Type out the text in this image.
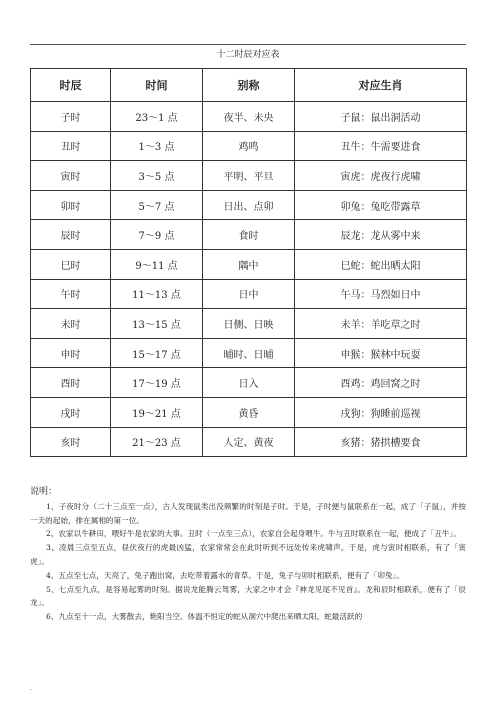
十二时辰对应表
时辰	时间	别称	对应生肖
子时	23～1 点	夜半、未央	子鼠：鼠出洞活动
丑时	1～3 点	鸡鸣	丑牛：牛需要进食
寅时	3～5 点	平明、平旦	寅虎：虎夜行虎啸
卯时	5～7 点	日出、点卯	卯兔：兔吃带露草
辰时	7～9 点	食时	辰龙：龙从雾中来
巳时	9～11 点	隅中	巳蛇：蛇出晒太阳
午时	11～13 点	日中	午马：马烈如日中
未时	13～15 点	日侧、日映	未羊：羊吃草之时
申时	15～17 点	晡时、日晡	申猴：猴林中玩耍
酉时	17～19 点	日入	酉鸡：鸡回窝之时
戌时	19～21 点	黄昏	戌狗：狗睡前巡视
亥时	21～23 点	人定、黄夜	亥猪：猪拱槽要食
说明：

1、子夜时分（二十三点至一点），古人发现鼠类出没频繁的时刻是子时。于是，子时便与鼠联系在一起，成了「子鼠」，并按一天的起始，排在属相的第一位。

2、农家以牛耕田，喂好牛是农家的大事。丑时（一点至三点），农家自会起身喂牛。牛与丑时联系在一起，便成了「丑牛」。

3、凌晨三点至五点，昼伏夜行的虎最凶猛，农家常常会在此时听到不远处传来虎啸声。于是，虎与寅时相联系，有了「寅虎」。

4、五点至七点，天亮了，兔子跑出窝，去吃带着露水的青草。于是，兔子与卯时相联系，便有了「卯兔」。

5、七点至九点，是容易起雾的时刻。据说龙能腾云驾雾，大家之中才会『神龙见尾不见首』。龙和辰时相联系，便有了「辰龙」。

6、九点至十一点，大雾散去，艳阳当空。体温不恒定的蛇从洞穴中爬出来晒太阳。蛇最活跃的

.
